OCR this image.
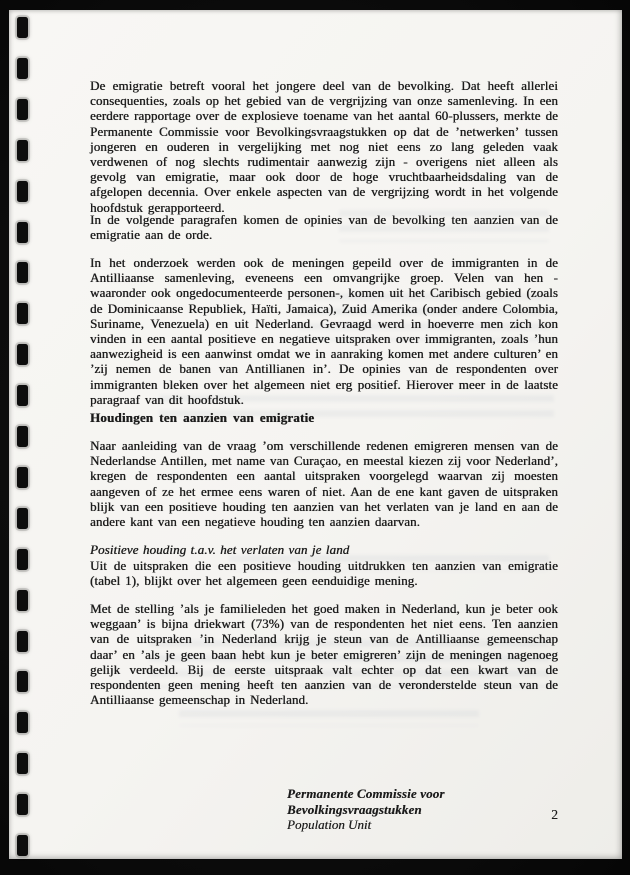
De emigratie betreft vooral het jongere deel van de bevolking. Dat heeft allerlei consequenties, zoals op het gebied van de vergrijzing van onze samenleving. In een eerdere rapportage over de explosieve toename van het aantal 60-plussers, merkte de Permanente Commissie voor Bevolkingsvraagstukken op dat de ’netwerken’ tussen jongeren en ouderen in vergelijking met nog niet eens zo lang geleden vaak verdwenen of nog slechts rudimentair aanwezig zijn - overigens niet alleen als gevolg van emigratie, maar ook door de hoge vruchtbaarheidsdaling van de afgelopen decennia. Over enkele aspecten van de vergrijzing wordt in het volgende hoofdstuk gerapporteerd.

In de volgende paragrafen komen de opinies van de bevolking ten aanzien van de emigratie aan de orde.

In het onderzoek werden ook de meningen gepeild over de immigranten in de Antilliaanse samenleving, eveneens een omvangrijke groep. Velen van hen - waaronder ook ongedocumenteerde personen-, komen uit het Caribisch gebied (zoals de Dominicaanse Republiek, Haïti, Jamaica), Zuid Amerika (onder andere Colombia, Suriname, Venezuela) en uit Nederland. Gevraagd werd in hoeverre men zich kon vinden in een aantal positieve en negatieve uitspraken over immigranten, zoals ’hun aanwezigheid is een aanwinst omdat we in aanraking komen met andere culturen’ en ’zij nemen de banen van Antillianen in’. De opinies van de respondenten over immigranten bleken over het algemeen niet erg positief. Hierover meer in de laatste paragraaf van dit hoofdstuk.

Houdingen ten aanzien van emigratie

Naar aanleiding van de vraag ’om verschillende redenen emigreren mensen van de Nederlandse Antillen, met name van Curaçao, en meestal kiezen zij voor Nederland’, kregen de respondenten een aantal uitspraken voorgelegd waarvan zij moesten aangeven of ze het ermee eens waren of niet. Aan de ene kant gaven de uitspraken blijk van een positieve houding ten aanzien van het verlaten van je land en aan de andere kant van een negatieve houding ten aanzien daarvan.

Positieve houding t.a.v. het verlaten van je land

Uit de uitspraken die een positieve houding uitdrukken ten aanzien van emigratie (tabel 1), blijkt over het algemeen geen eenduidige mening.

Met de stelling ’als je familieleden het goed maken in Nederland, kun je beter ook weggaan’ is bijna driekwart (73%) van de respondenten het niet eens. Ten aanzien van de uitspraken ’in Nederland krijg je steun van de Antilliaanse gemeenschap daar’ en ’als je geen baan hebt kun je beter emigreren’ zijn de meningen nagenoeg gelijk verdeeld. Bij de eerste uitspraak valt echter op dat een kwart van de respondenten geen mening heeft ten aanzien van de veronderstelde steun van de Antilliaanse gemeenschap in Nederland.

Permanente Commissie voor Bevolkingsvraagstukken
Population Unit

2
